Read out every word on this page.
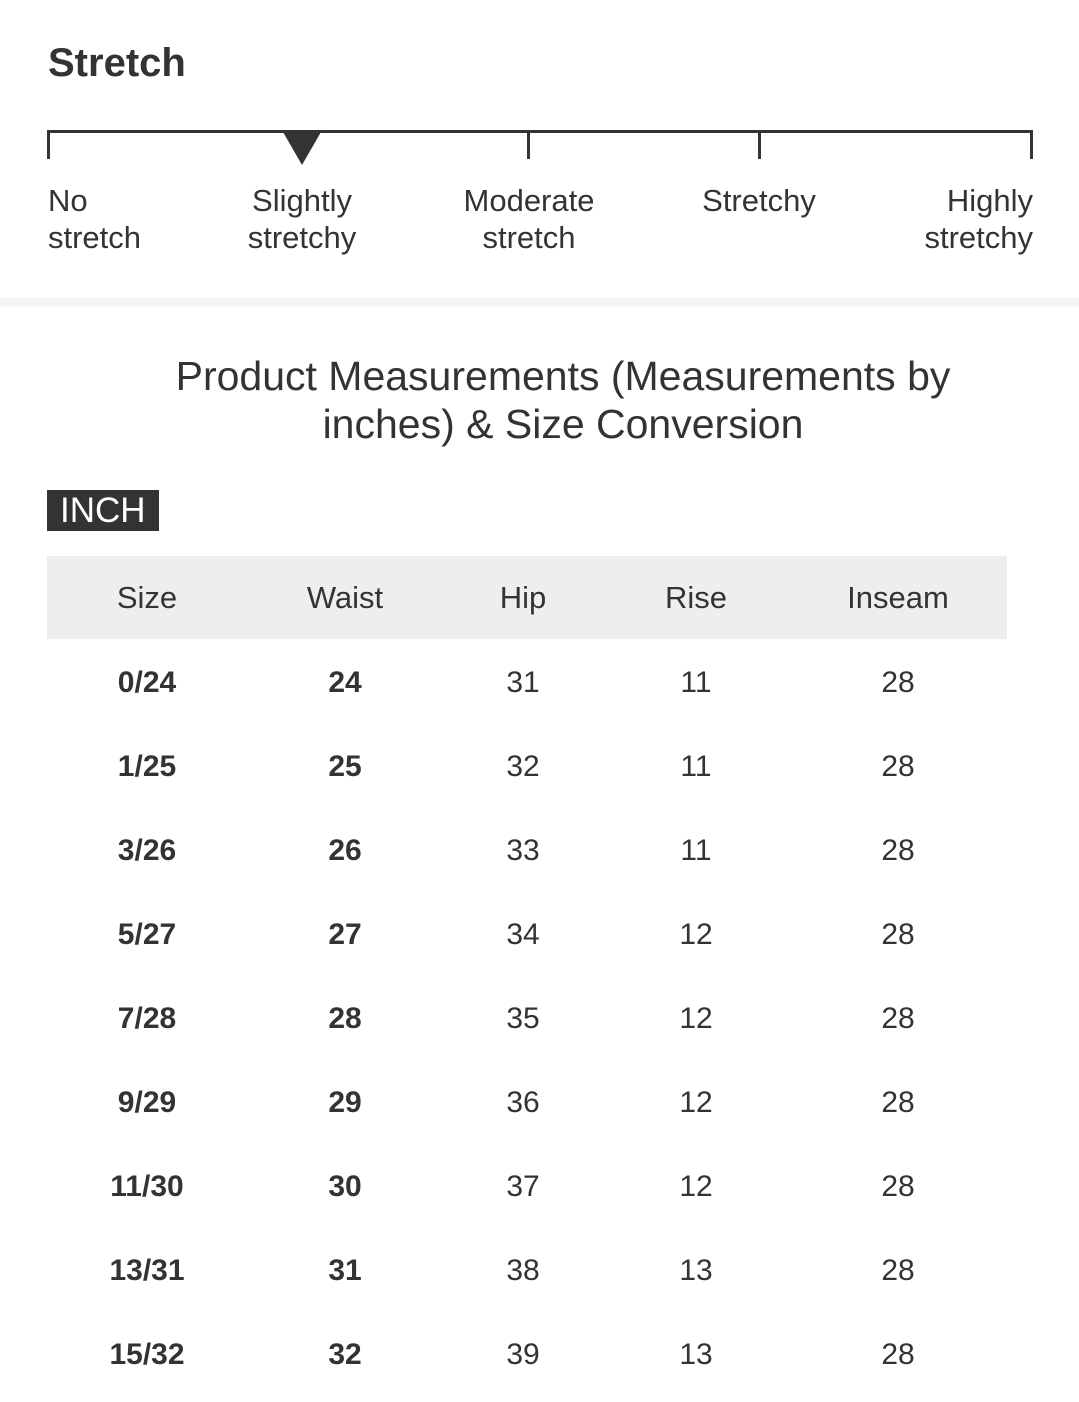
Stretch
No
stretch
Slightly
stretchy
Moderate
stretch
Stretchy	Highly
stretchy
Product Measurements (Measurements by
inches) & Size Conversion
INCH
Size	Waist	Hip	Rise	Inseam
0/24	24	31	11	28
1/25	25	32	11	28
3/26	26	33	11	28
5/27	27	34	12	28
7/28	28	35	12	28
9/29	29	36	12	28
11/30	30	37	12	28
13/31	31	38	13	28
15/32	32	39	13	28
